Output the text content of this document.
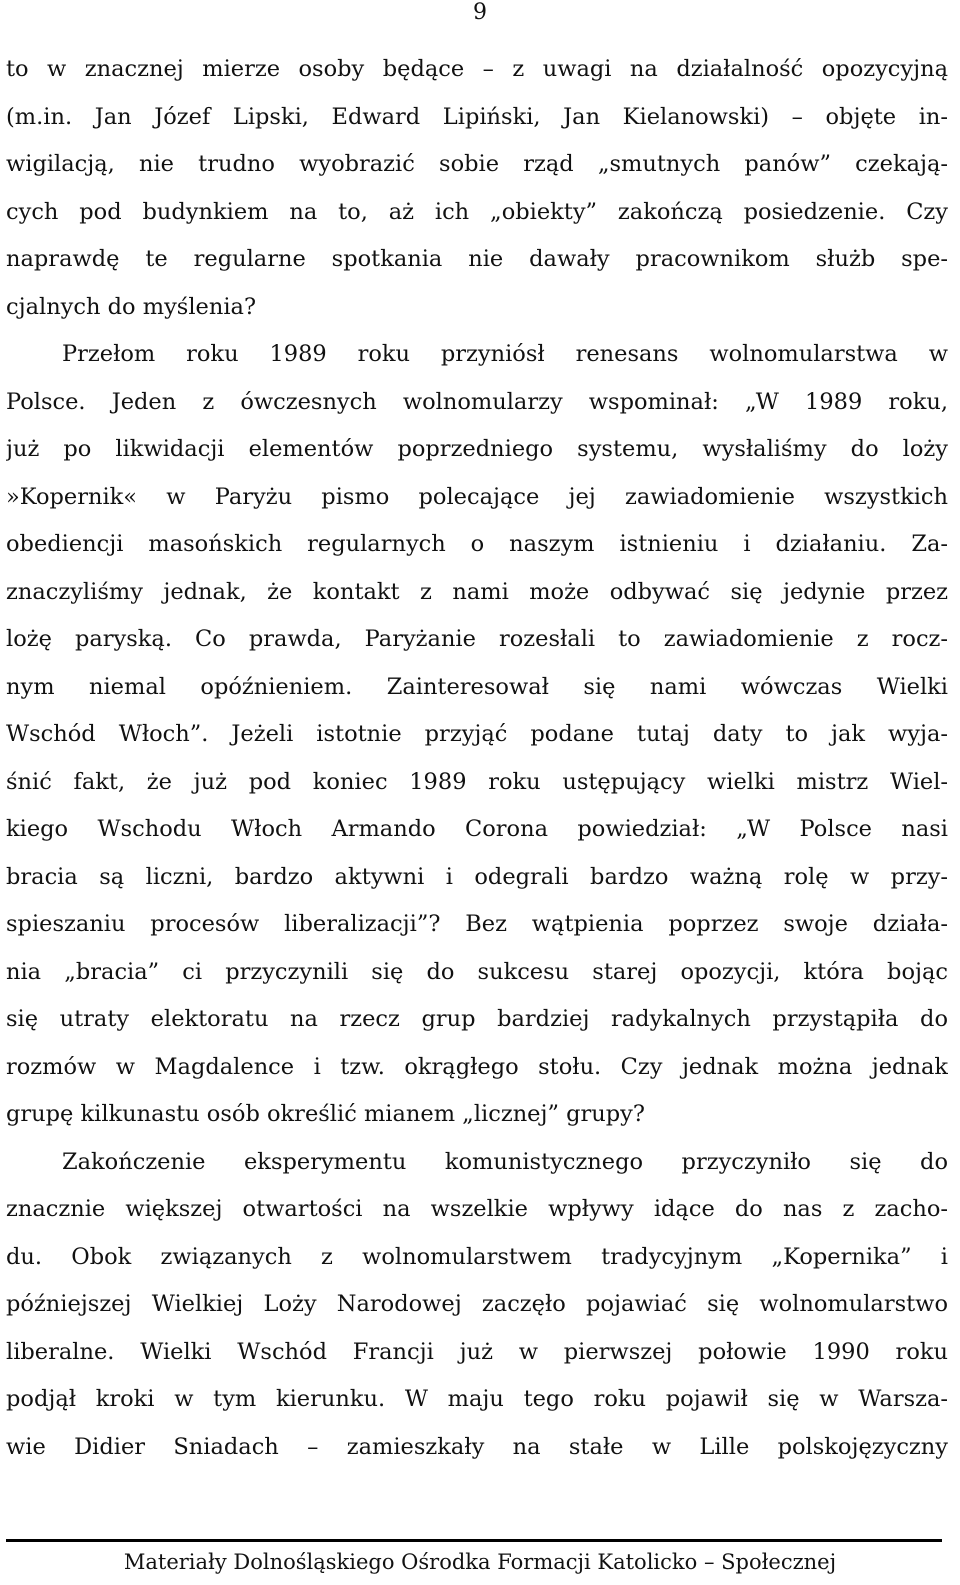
9
to w znacznej mierze osoby będące – z uwagi na działalność opozycyjną
(m.in. Jan Józef Lipski, Edward Lipiński, Jan Kielanowski) – objęte in-
wigilacją, nie trudno wyobrazić sobie rząd „smutnych panów” czekają-
cych pod budynkiem na to, aż ich „obiekty” zakończą posiedzenie. Czy
naprawdę te regularne spotkania nie dawały pracownikom służb spe-
cjalnych do myślenia?
Przełom roku 1989 roku przyniósł renesans wolnomularstwa w
Polsce. Jeden z ówczesnych wolnomularzy wspominał: „W 1989 roku,
już po likwidacji elementów poprzedniego systemu, wysłaliśmy do loży
»Kopernik« w Paryżu pismo polecające jej zawiadomienie wszystkich
obediencji masońskich regularnych o naszym istnieniu i działaniu. Za-
znaczyliśmy jednak, że kontakt z nami może odbywać się jedynie przez
lożę paryską. Co prawda, Paryżanie rozesłali to zawiadomienie z rocz-
nym niemal opóźnieniem. Zainteresował się nami wówczas Wielki
Wschód Włoch”. Jeżeli istotnie przyjąć podane tutaj daty to jak wyja-
śnić fakt, że już pod koniec 1989 roku ustępujący wielki mistrz Wiel-
kiego Wschodu Włoch Armando Corona powiedział: „W Polsce nasi
bracia są liczni, bardzo aktywni i odegrali bardzo ważną rolę w przy-
spieszaniu procesów liberalizacji”? Bez wątpienia poprzez swoje działa-
nia „bracia” ci przyczynili się do sukcesu starej opozycji, która bojąc
się utraty elektoratu na rzecz grup bardziej radykalnych przystąpiła do
rozmów w Magdalence i tzw. okrągłego stołu. Czy jednak można jednak
grupę kilkunastu osób określić mianem „licznej” grupy?
Zakończenie eksperymentu komunistycznego przyczyniło się do
znacznie większej otwartości na wszelkie wpływy idące do nas z zacho-
du. Obok związanych z wolnomularstwem tradycyjnym „Kopernika” i
późniejszej Wielkiej Loży Narodowej zaczęło pojawiać się wolnomularstwo
liberalne. Wielki Wschód Francji już w pierwszej połowie 1990 roku
podjął kroki w tym kierunku. W maju tego roku pojawił się w Warsza-
wie Didier Sniadach – zamieszkały na stałe w Lille polskojęzyczny
Materiały Dolnośląskiego Ośrodka Formacji Katolicko – Społecznej
